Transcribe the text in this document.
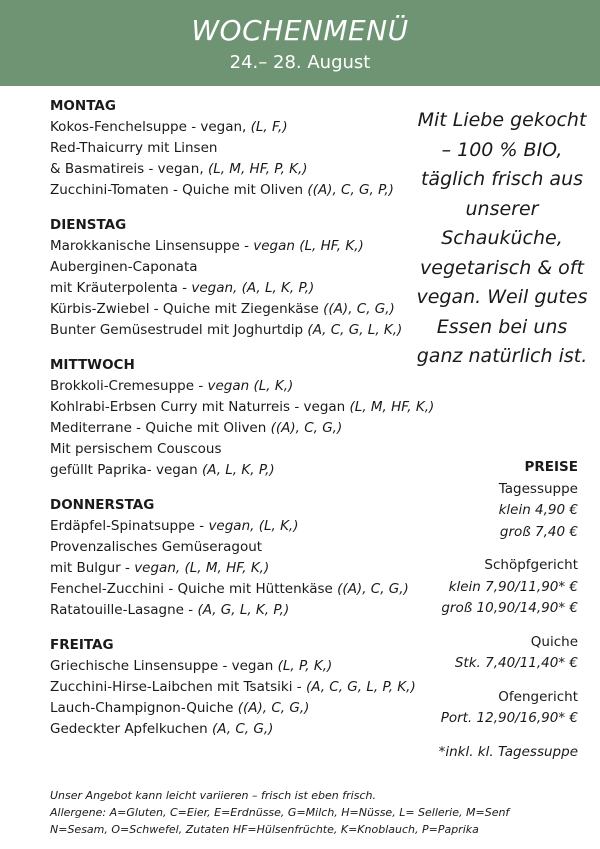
WOCHENMENÜ
24.– 28. August
MONTAG
Kokos-Fenchelsuppe - vegan, (L, F,)
Red-Thaicurry mit Linsen
& Basmatireis - vegan, (L, M, HF, P, K,)
Zucchini-Tomaten - Quiche mit Oliven ((A), C, G, P,)
DIENSTAG
Marokkanische Linsensuppe - vegan (L, HF, K,)
Auberginen-Caponata
mit Kräuterpolenta - vegan, (A, L, K, P,)
Kürbis-Zwiebel - Quiche mit Ziegenkäse ((A), C, G,)
Bunter Gemüsestrudel mit Joghurtdip (A, C, G, L, K,)
MITTWOCH
Brokkoli-Cremesuppe - vegan (L, K,)
Kohlrabi-Erbsen Curry mit Naturreis - vegan (L, M, HF, K,)
Mediterrane - Quiche mit Oliven ((A), C, G,)
Mit persischem Couscous
gefüllt Paprika- vegan (A, L, K, P,)
DONNERSTAG
Erdäpfel-Spinatsuppe - vegan, (L, K,)
Provenzalisches Gemüseragout
mit Bulgur - vegan, (L, M, HF, K,)
Fenchel-Zucchini - Quiche mit Hüttenkäse ((A), C, G,)
Ratatouille-Lasagne - (A, G, L, K, P,)
FREITAG
Griechische Linsensuppe - vegan (L, P, K,)
Zucchini-Hirse-Laibchen mit Tsatsiki - (A, C, G, L, P, K,)
Lauch-Champignon-Quiche ((A), C, G,)
Gedeckter Apfelkuchen (A, C, G,)
Mit Liebe gekocht – 100 % BIO, täglich frisch aus unserer Schauküche, vegetarisch & oft vegan. Weil gutes Essen bei uns ganz natürlich ist.
PREISE
Tagessuppe
klein 4,90 €
groß 7,40 €
Schöpfgericht
klein 7,90/11,90* €
groß 10,90/14,90* €
Quiche
Stk. 7,40/11,40* €
Ofengericht
Port. 12,90/16,90* €
*inkl. kl. Tagessuppe
Unser Angebot kann leicht variieren – frisch ist eben frisch.
Allergene: A=Gluten, C=Eier, E=Erdnüsse, G=Milch, H=Nüsse, L= Sellerie, M=Senf
N=Sesam, O=Schwefel, Zutaten HF=Hülsenfrüchte, K=Knoblauch, P=Paprika
